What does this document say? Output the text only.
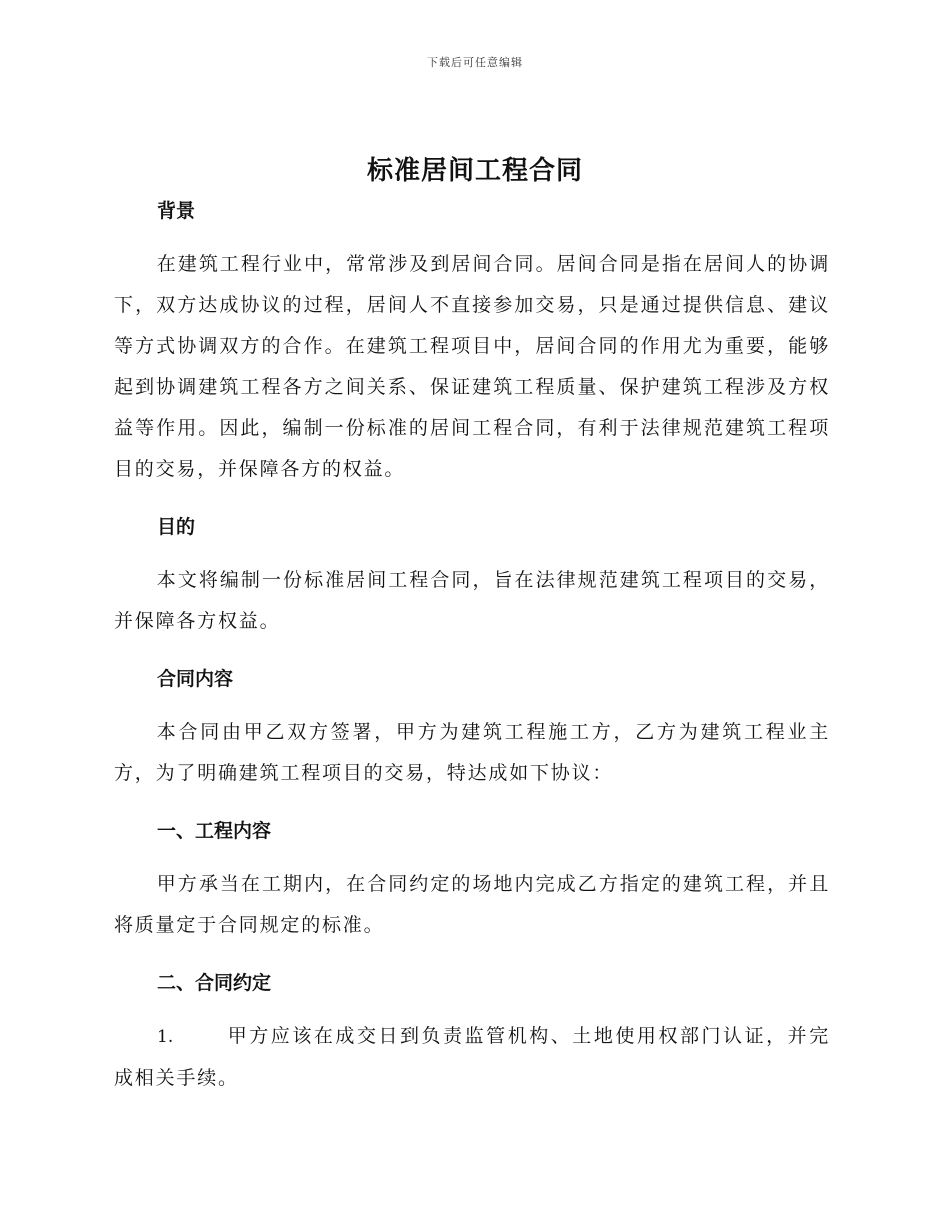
下载后可任意编辑
标准居间工程合同
背景

在建筑工程行业中，常常涉及到居间合同。居间合同是指在居间人的协调下，双方达成协议的过程，居间人不直接参加交易，只是通过提供信息、建议等方式协调双方的合作。在建筑工程项目中，居间合同的作用尤为重要，能够起到协调建筑工程各方之间关系、保证建筑工程质量、保护建筑工程涉及方权益等作用。因此，编制一份标准的居间工程合同，有利于法律规范建筑工程项目的交易，并保障各方的权益。

目的

本文将编制一份标准居间工程合同，旨在法律规范建筑工程项目的交易，并保障各方权益。

合同内容

本合同由甲乙双方签署，甲方为建筑工程施工方，乙方为建筑工程业主方，为了明确建筑工程项目的交易，特达成如下协议：

一、工程内容

甲方承当在工期内，在合同约定的场地内完成乙方指定的建筑工程，并且将质量定于合同规定的标准。

二、合同约定

1.	甲方应该在成交日到负责监管机构、土地使用权部门认证，并完成相关手续。
